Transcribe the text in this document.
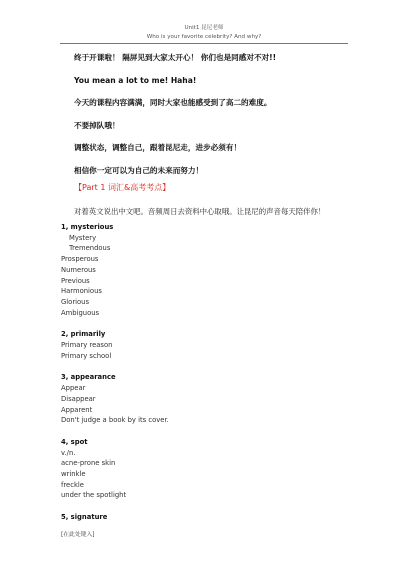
Unit1 昆尼老师
Who is your favorite celebrity? And why?
终于开课啦！ 隔屏见到大家太开心！ 你们也是同感对不对!!
You mean a lot to me! Haha!
今天的课程内容满满，同时大家也能感受到了高二的难度。
不要掉队哦！
调整状态，调整自己，跟着昆尼走，进步必须有！
相信你一定可以为自己的未来而努力！
【Part 1 词汇&高考考点】
对着英文说出中文吧。音频周日去资料中心取哦。让昆尼的声音每天陪伴你！
1, mysterious
Mystery
Tremendous
Prosperous
Numerous
Previous
Harmonious
Glorious
Ambiguous
2, primarily
Primary reason
Primary school
3, appearance
Appear
Disappear
Apparent
Don't judge a book by its cover.
4, spot
v./n.
acne-prone skin
wrinkle
freckle
under the spotlight
5, signature
[在此处键入]
